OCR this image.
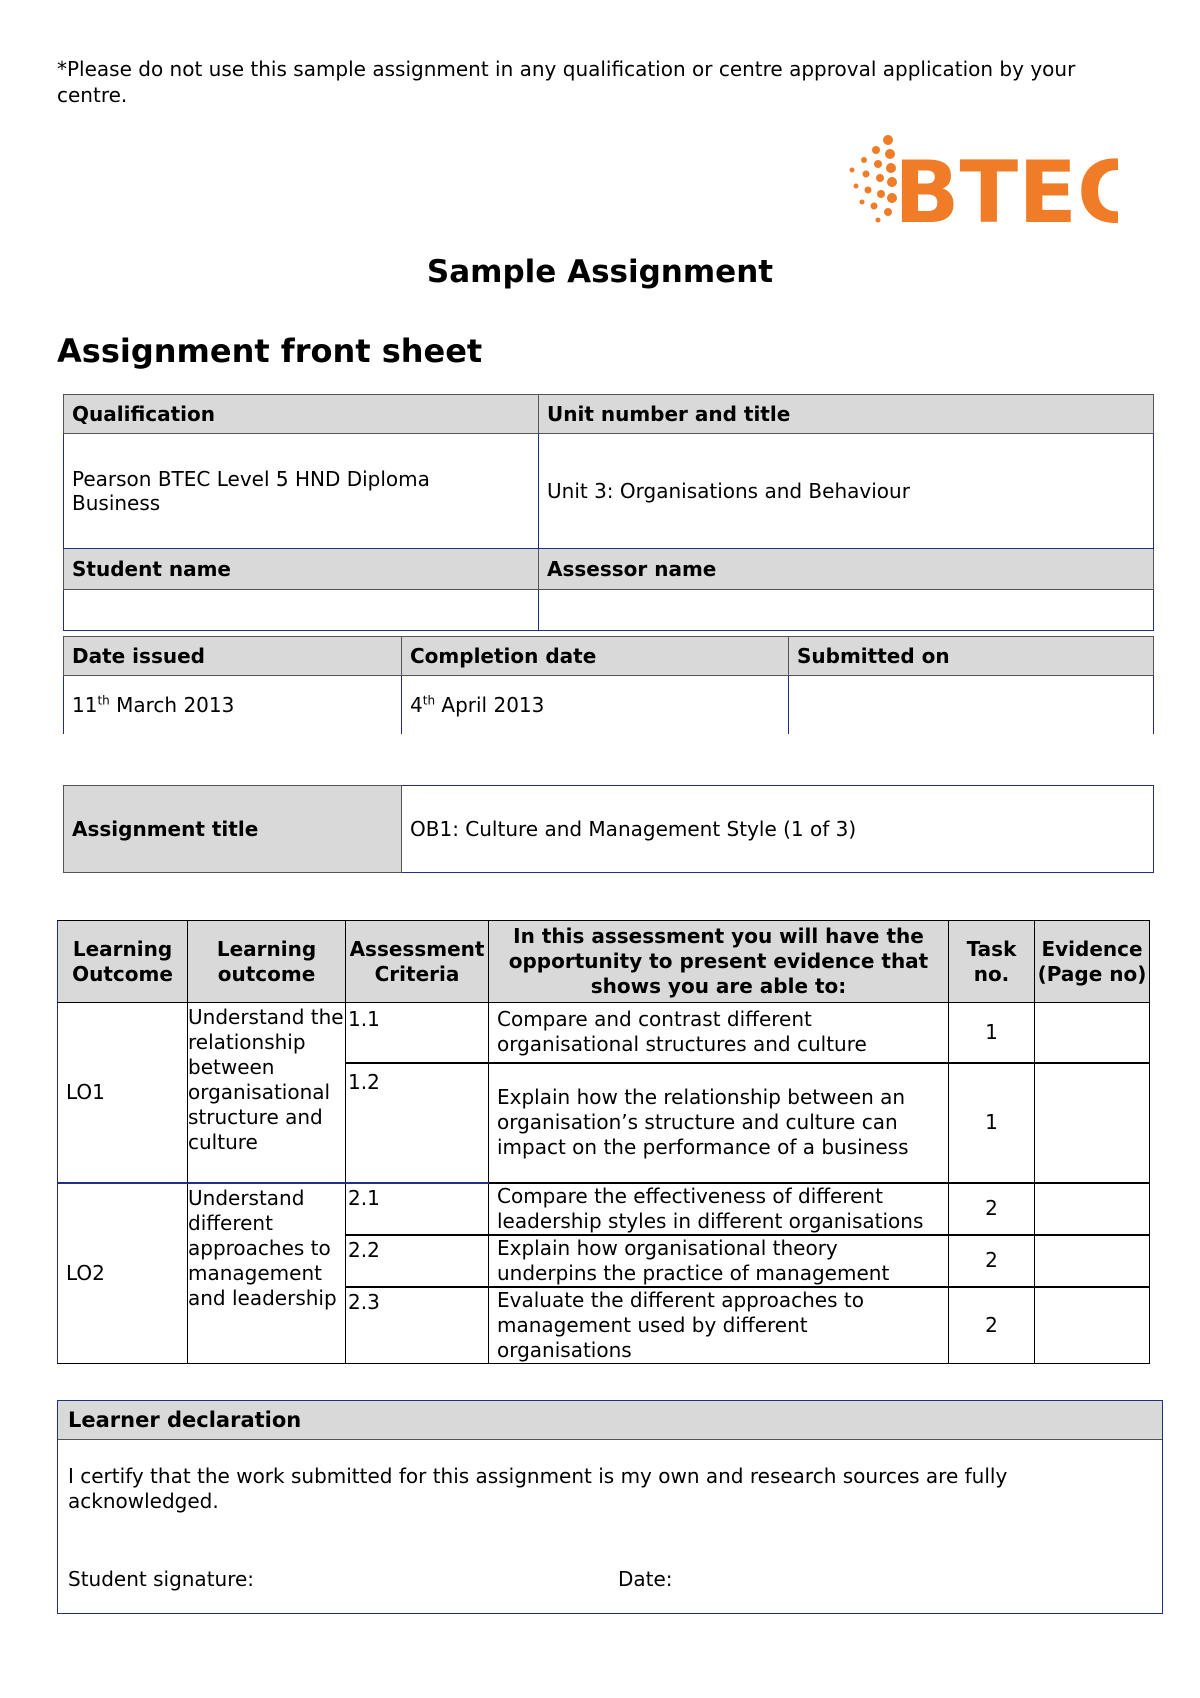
*Please do not use this sample assignment in any qualification or centre approval application by your centre.
BTEC
Sample Assignment
Assignment front sheet
Qualification	Unit number and title
Pearson BTEC Level 5 HND Diploma Business	Unit 3: Organisations and Behaviour
Student name	Assessor name

Date issued	Completion date	Submitted on
11th March 2013	4th April 2013	
Assignment title	OB1: Culture and Management Style (1 of 3)
Learning Outcome	Learning outcome	Assessment Criteria	In this assessment you will have the opportunity to present evidence that shows you are able to:	Task no.	Evidence (Page no)
LO1	Understand the relationship between organisational structure and culture	1.1	Compare and contrast different organisational structures and culture	1	
		1.2	Explain how the relationship between an organisation’s structure and culture can impact on the performance of a business	1	
LO2	Understand different approaches to management and leadership	2.1	Compare the effectiveness of different leadership styles in different organisations	2	
		2.2	Explain how organisational theory underpins the practice of management	2	
		2.3	Evaluate the different approaches to management used by different organisations	2	
Learner declaration
I certify that the work submitted for this assignment is my own and research sources are fully acknowledged.
Student signature:	Date:
